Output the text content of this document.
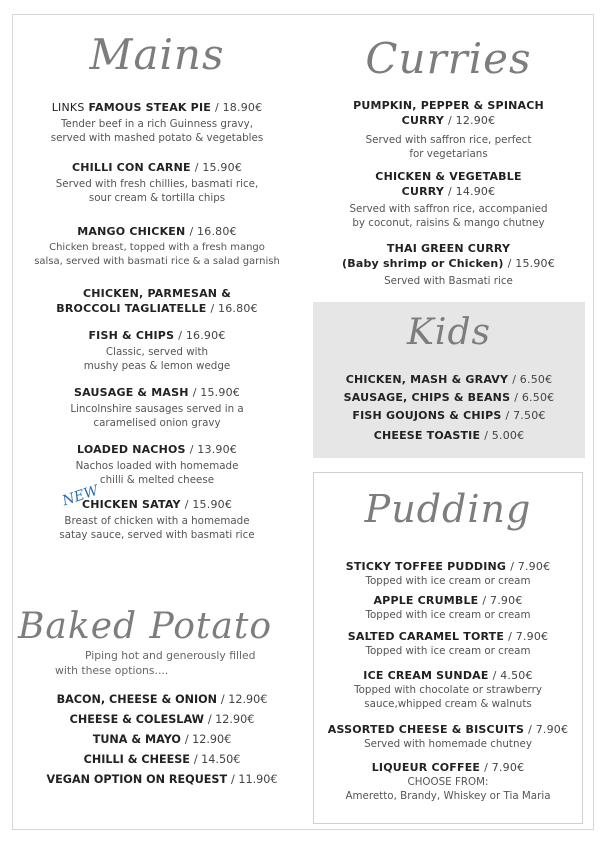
Mains
LINKS FAMOUS STEAK PIE / 18.90€
Tender beef in a rich Guinness gravy,
served with mashed potato & vegetables
CHILLI CON CARNE / 15.90€
Served with fresh chillies, basmati rice,
sour cream & tortilla chips
MANGO CHICKEN / 16.80€
Chicken breast, topped with a fresh mango
salsa, served with basmati rice & a salad garnish
CHICKEN, PARMESAN &
BROCCOLI TAGLIATELLE / 16.80€
FISH & CHIPS / 16.90€
Classic, served with
mushy peas & lemon wedge
SAUSAGE & MASH / 15.90€
Lincolnshire sausages served in a
caramelised onion gravy
LOADED NACHOS / 13.90€
Nachos loaded with homemade
chilli & melted cheese
CHICKEN SATAY / 15.90€
Breast of chicken with a homemade
satay sauce, served with basmati rice
NEW
Baked Potato
Piping hot and generously filled
with these options....
BACON, CHEESE & ONION / 12.90€
CHEESE & COLESLAW / 12.90€
TUNA & MAYO / 12.90€
CHILLI & CHEESE / 14.50€
VEGAN OPTION ON REQUEST / 11.90€
Curries
PUMPKIN, PEPPER & SPINACH
CURRY / 12.90€
Served with saffron rice, perfect
for vegetarians
CHICKEN & VEGETABLE
CURRY / 14.90€
Served with saffron rice, accompanied
by coconut, raisins & mango chutney
THAI GREEN CURRY
(Baby shrimp or Chicken) / 15.90€
Served with Basmati rice
Kids
CHICKEN, MASH & GRAVY / 6.50€
SAUSAGE, CHIPS & BEANS / 6.50€
FISH GOUJONS & CHIPS / 7.50€
CHEESE TOASTIE / 5.00€
Pudding
STICKY TOFFEE PUDDING / 7.90€
Topped with ice cream or cream
APPLE CRUMBLE / 7.90€
Topped with ice cream or cream
SALTED CARAMEL TORTE / 7.90€
Topped with ice cream or cream
ICE CREAM SUNDAE / 4.50€
Topped with chocolate or strawberry
sauce,whipped cream & walnuts
ASSORTED CHEESE & BISCUITS / 7.90€
Served with homemade chutney
LIQUEUR COFFEE / 7.90€
CHOOSE FROM:
Ameretto, Brandy, Whiskey or Tia Maria
